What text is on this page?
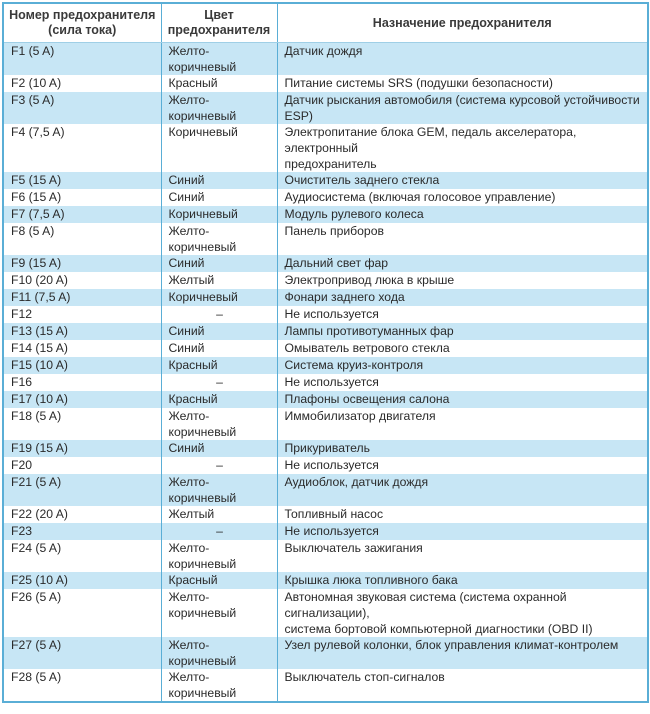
Номер предохранителя (сила тока)	Цвет предохранителя	Назначение предохранителя
F1 (5 A)	Желто-
коричневый	Датчик дождя

F2 (10 A)	Красный	Питание системы SRS (подушки безопасности)

F3 (5 A)	Желто-
коричневый	Датчик рыскания автомобиля (система курсовой устойчивости ESP)

F4 (7,5 A)	Коричневый	Электропитание блока GEM, педаль акселератора, электронный
предохранитель

F5 (15 A)	Синий	Очиститель заднего стекла

F6 (15 A)	Синий	Аудиосистема (включая голосовое управление)

F7 (7,5 A)	Коричневый	Модуль рулевого колеса

F8 (5 A)	Желто-
коричневый	Панель приборов

F9 (15 A)	Синий	Дальний свет фар

F10 (20 A)	Желтый	Электропривод люка в крыше

F11 (7,5 A)	Коричневый	Фонари заднего хода

F12	–	Не используется

F13 (15 A)	Синий	Лампы противотуманных фар

F14 (15 A)	Синий	Омыватель ветрового стекла

F15 (10 A)	Красный	Система круиз-контроля

F16	–	Не используется

F17 (10 A)	Красный	Плафоны освещения салона

F18 (5 A)	Желто-
коричневый	Иммобилизатор двигателя

F19 (15 A)	Синий	Прикуриватель

F20	–	Не используется

F21 (5 A)	Желто-
коричневый	Аудиоблок, датчик дождя

F22 (20 A)	Желтый	Топливный насос

F23	–	Не используется

F24 (5 A)	Желто-
коричневый	Выключатель зажигания

F25 (10 A)	Красный	Крышка люка топливного бака

F26 (5 A)	Желто-
коричневый	Автономная звуковая система (система охранной сигнализации),
система бортовой компьютерной диагностики (OBD II)

F27 (5 A)	Желто-
коричневый	Узел рулевой колонки, блок управления климат-контролем

F28 (5 A)	Желто-
коричневый	Выключатель стоп-сигналов
